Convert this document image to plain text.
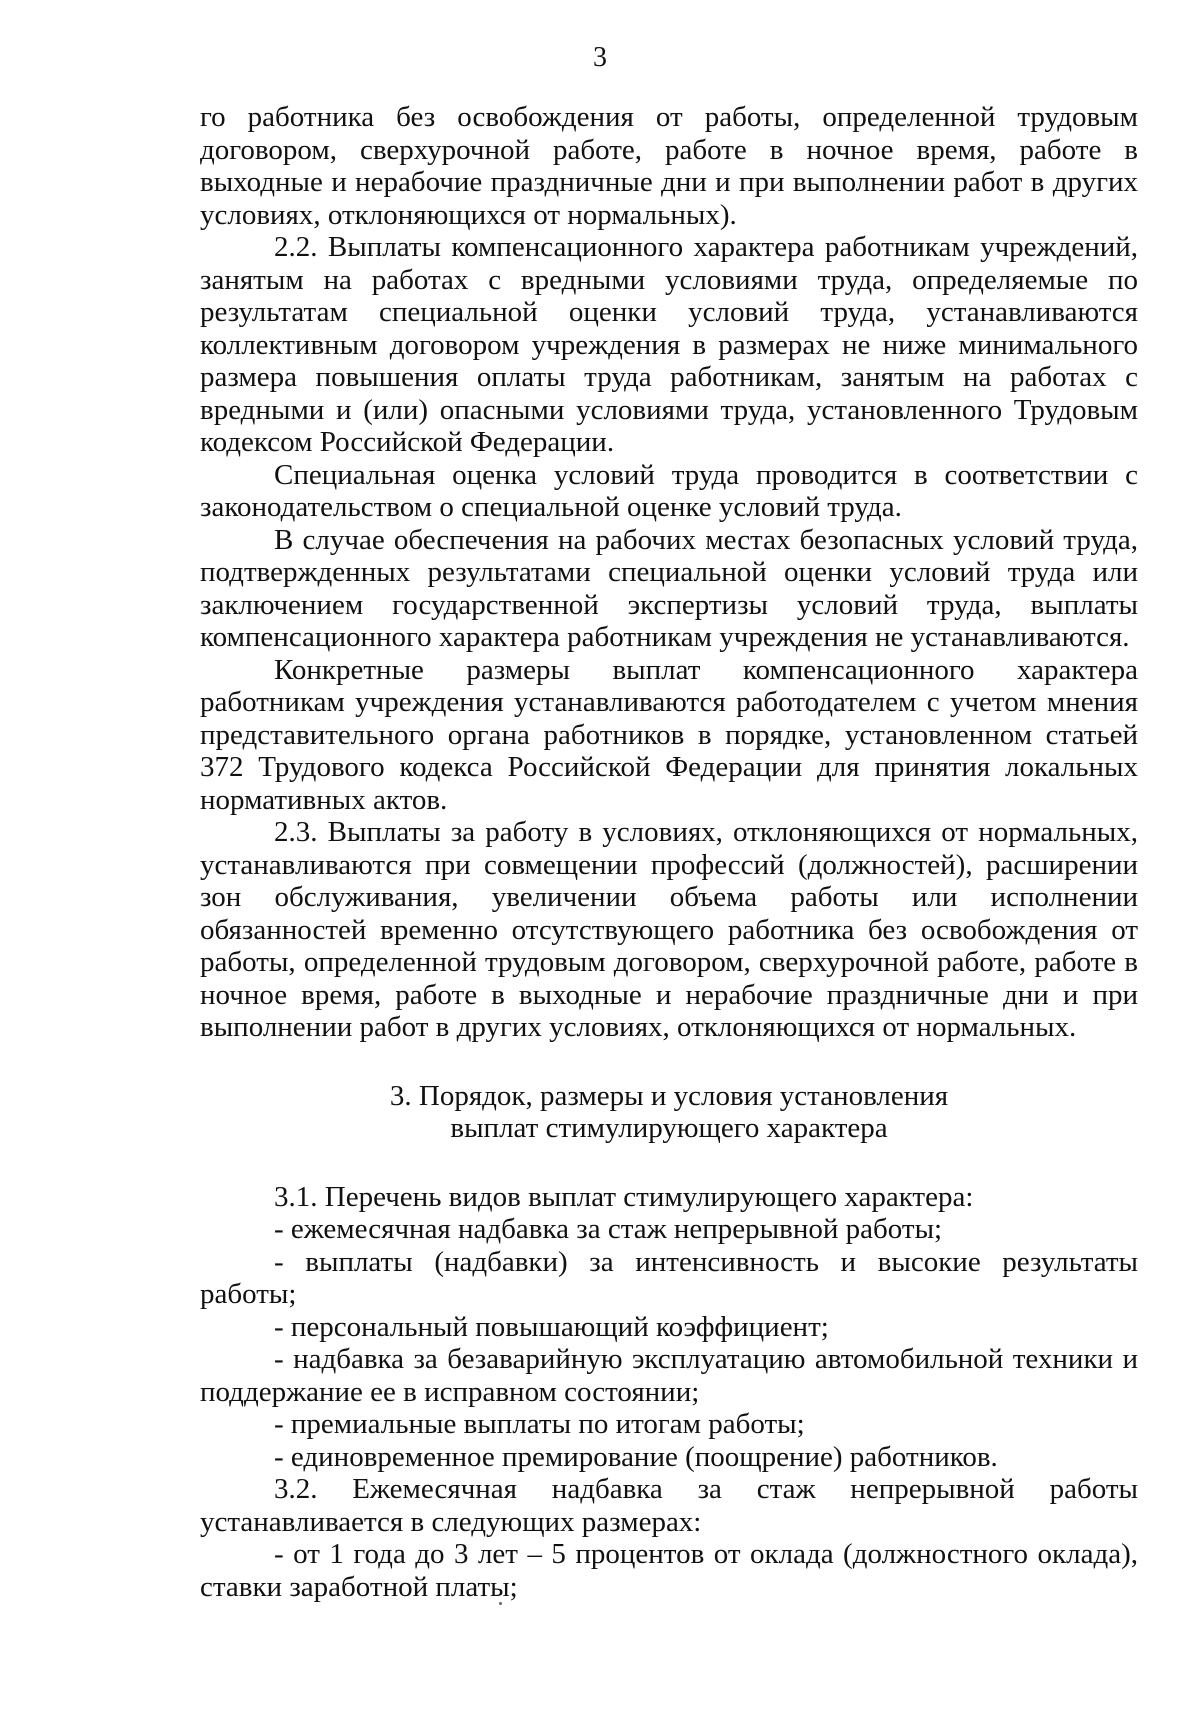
3

го работника без освобождения от работы, определенной трудовым договором, сверхурочной работе, работе в ночное время, работе в выходные и нерабочие праздничные дни и при выполнении работ в других условиях, отклоняющихся от нормальных).

2.2. Выплаты компенсационного характера работникам учреждений, занятым на работах с вредными условиями труда, определяемые по результатам специальной оценки условий труда, устанавливаются коллективным договором учреждения в размерах не ниже минимального размера повышения оплаты труда работникам, занятым на работах с вредными и (или) опасными условиями труда, установленного Трудовым кодексом Российской Федерации.

Специальная оценка условий труда проводится в соответствии с законодательством о специальной оценке условий труда.

В случае обеспечения на рабочих местах безопасных условий труда, подтвержденных результатами специальной оценки условий труда или заключением государственной экспертизы условий труда, выплаты компенсационного характера работникам учреждения не устанавливаются.

Конкретные размеры выплат компенсационного характера работникам учреждения устанавливаются работодателем с учетом мнения представительного органа работников в порядке, установленном статьей 372 Трудового кодекса Российской Федерации для принятия локальных нормативных актов.

2.3. Выплаты за работу в условиях, отклоняющихся от нормальных, устанавливаются при совмещении профессий (должностей), расширении зон обслуживания, увеличении объема работы или исполнении обязанностей временно отсутствующего работника без освобождения от работы, определенной трудовым договором, сверхурочной работе, работе в ночное время, работе в выходные и нерабочие праздничные дни и при выполнении работ в других условиях, отклоняющихся от нормальных.

3. Порядок, размеры и условия установления
выплат стимулирующего характера

3.1. Перечень видов выплат стимулирующего характера:

- ежемесячная надбавка за стаж непрерывной работы;

- выплаты (надбавки) за интенсивность и высокие результаты работы;

- персональный повышающий коэффициент;

- надбавка за безаварийную эксплуатацию автомобильной техники и поддержание ее в исправном состоянии;

- премиальные выплаты по итогам работы;

- единовременное премирование (поощрение) работников.

3.2. Ежемесячная надбавка за стаж непрерывной работы устанавливается в следующих размерах:

- от 1 года до 3 лет – 5 процентов от оклада (должностного оклада), ставки заработной платы;
